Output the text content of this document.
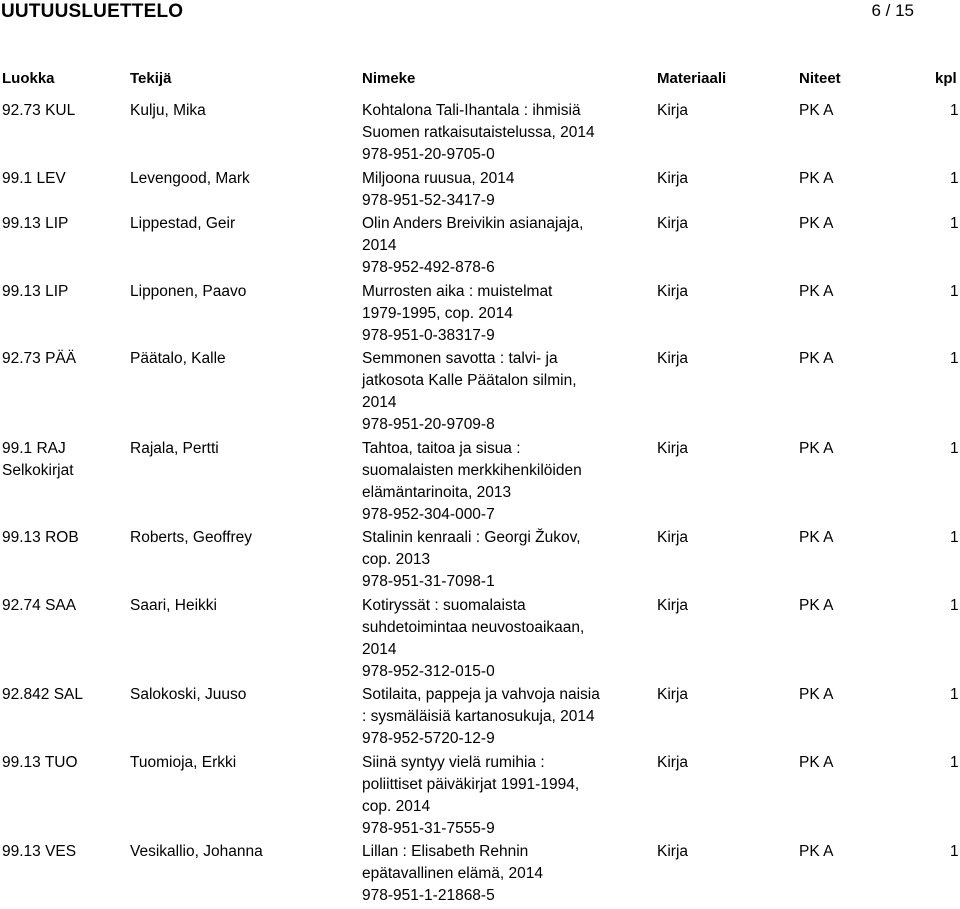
UUTUUSLUETTELO	6 / 15
Luokka	Tekijä	Nimeke	Materiaali	Niteet	kpl
92.73 KUL	Kulju, Mika	Kohtalona Tali-Ihantala : ihmisiä
Suomen ratkaisutaistelussa, 2014
978-951-20-9705-0
Kirja	PK A	1
99.1 LEV	Levengood, Mark	Miljoona ruusua, 2014
978-951-52-3417-9
Kirja	PK A	1
99.13 LIP	Lippestad, Geir	Olin Anders Breivikin asianajaja,
2014
978-952-492-878-6
Kirja	PK A	1
99.13 LIP	Lipponen, Paavo	Murrosten aika : muistelmat
1979-1995, cop. 2014
978-951-0-38317-9
Kirja	PK A	1
92.73 PÄÄ	Päätalo, Kalle	Semmonen savotta : talvi- ja
jatkosota Kalle Päätalon silmin,
2014
978-951-20-9709-8
Kirja	PK A	1
99.1 RAJ
Selkokirjat
Rajala, Pertti	Tahtoa, taitoa ja sisua :
suomalaisten merkkihenkilöiden
elämäntarinoita, 2013
978-952-304-000-7
Kirja	PK A	1
99.13 ROB	Roberts, Geoffrey	Stalinin kenraali : Georgi Žukov,
cop. 2013
978-951-31-7098-1
Kirja	PK A	1
92.74 SAA	Saari, Heikki	Kotiryssät : suomalaista
suhdetoimintaa neuvostoaikaan,
2014
978-952-312-015-0
Kirja	PK A	1
92.842 SAL	Salokoski, Juuso	Sotilaita, pappeja ja vahvoja naisia
: sysmäläisiä kartanosukuja, 2014
978-952-5720-12-9
Kirja	PK A	1
99.13 TUO	Tuomioja, Erkki	Siinä syntyy vielä rumihia :
poliittiset päiväkirjat 1991-1994,
cop. 2014
978-951-31-7555-9
Kirja	PK A	1
99.13 VES	Vesikallio, Johanna	Lillan : Elisabeth Rehnin
epätavallinen elämä, 2014
978-951-1-21868-5
Kirja	PK A	1
